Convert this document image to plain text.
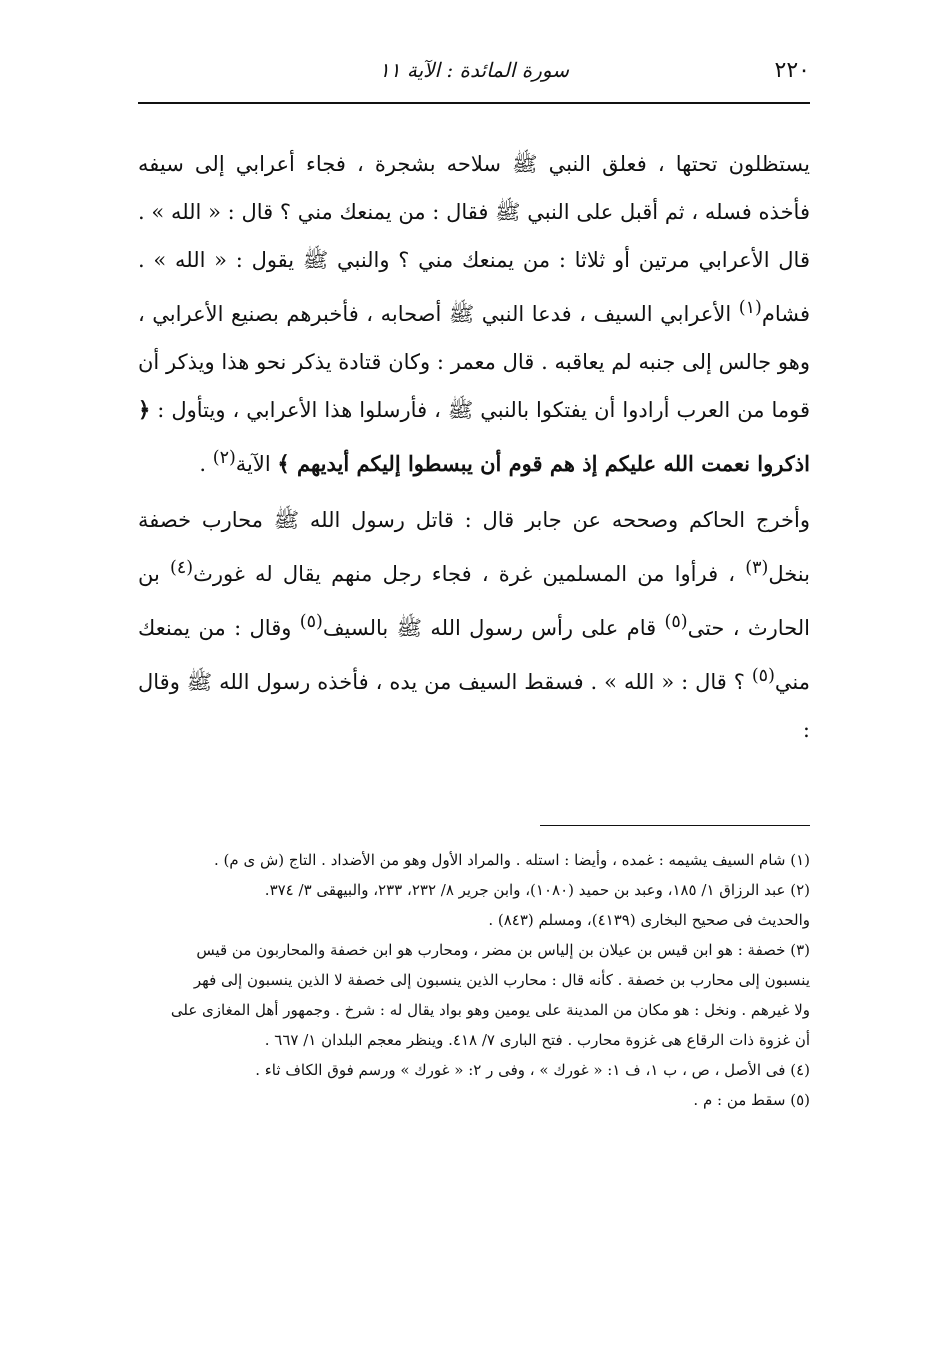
٢٢٠
سورة المائدة : الآية ١١

يستظلون تحتها ، فعلق النبي ﷺ سلاحه بشجرة ، فجاء أعرابي إلى سيفه فأخذه فسله ، ثم أقبل على النبي ﷺ فقال : من يمنعك مني ؟ قال : « الله » . قال الأعرابي مرتين أو ثلاثا : من يمنعك مني ؟ والنبي ﷺ يقول : « الله » . فشام$^{(١)}$ الأعرابي السيف ، فدعا النبي ﷺ أصحابه ، فأخبرهم بصنيع الأعرابي ، وهو جالس إلى جنبه لم يعاقبه . قال معمر : وكان قتادة يذكر نحو هذا ويذكر أن قوما من العرب أرادوا أن يفتكوا بالنبي ﷺ ، فأرسلوا هذا الأعرابي ، ويتأول : ﴿ اذكروا نعمت الله عليكم إذ هم قوم أن يبسطوا إليكم أيديهم ﴾ الآية$^{(٢)}$ .

وأخرج الحاكم وصححه عن جابر قال : قاتل رسول الله ﷺ محارب خصفة بنخل$^{(٣)}$ ، فرأوا من المسلمين غرة ، فجاء رجل منهم يقال له غورث$^{(٤)}$ بن الحارث ، حتى$^{(٥)}$ قام على رأس رسول الله ﷺ بالسيف$^{(٥)}$ وقال : من يمنعك مني$^{(٥)}$ ؟ قال : « الله » . فسقط السيف من يده ، فأخذه رسول الله ﷺ وقال :

(١) شام السيف يشيمه : غمده ، وأيضا : استله . والمراد الأول وهو من الأضداد . التاج (ش ى م) .

(٢) عبد الرزاق ١/ ١٨٥، وعبد بن حميد (١٠٨٠)، وابن جرير ٨/ ٢٣٢، ٢٣٣، والبيهقى ٣/ ٣٧٤.

والحديث فى صحيح البخارى (٤١٣٩)، ومسلم (٨٤٣) .

(٣) خصفة : هو ابن قيس بن عيلان بن إلياس بن مضر ، ومحارب هو ابن خصفة والمحاربون من قيس

ينسبون إلى محارب بن خصفة . كأنه قال : محارب الذين ينسبون إلى خصفة لا الذين ينسبون إلى فهر

ولا غيرهم . ونخل : هو مكان من المدينة على يومين وهو بواد يقال له : شرخ . وجمهور أهل المغازى على

أن غزوة ذات الرقاع هى غزوة محارب . فتح البارى ٧/ ٤١٨. وينظر معجم البلدان ١/ ٦٦٧ .

(٤) فى الأصل ، ص ، ب ١، ف ١: « غورك » ، وفى ر ٢: « غورك » ورسم فوق الكاف ثاء .

(٥) سقط من : م .
